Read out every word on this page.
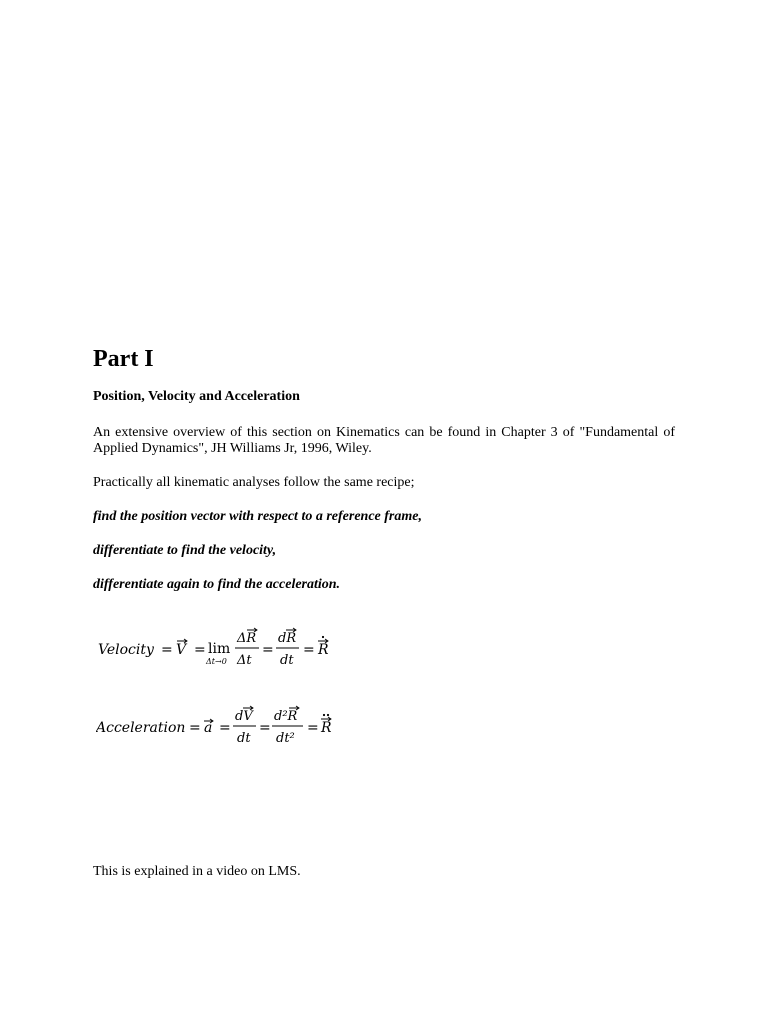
Part I
Position, Velocity and Acceleration

An extensive overview of this section on Kinematics can be found in Chapter 3 of "Fundamental of Applied Dynamics", JH Williams Jr, 1996, Wiley.

Practically all kinematic analyses follow the same recipe;

find the position vector with respect to a reference frame,

differentiate to find the velocity,

differentiate again to find the acceleration.

Velocity = V = lim
Δt→0
ΔR
Δt
=
dR
dt
= R
Acceleration = a =
dV
dt
=
d²R
dt²
= R

This is explained in a video on LMS.
